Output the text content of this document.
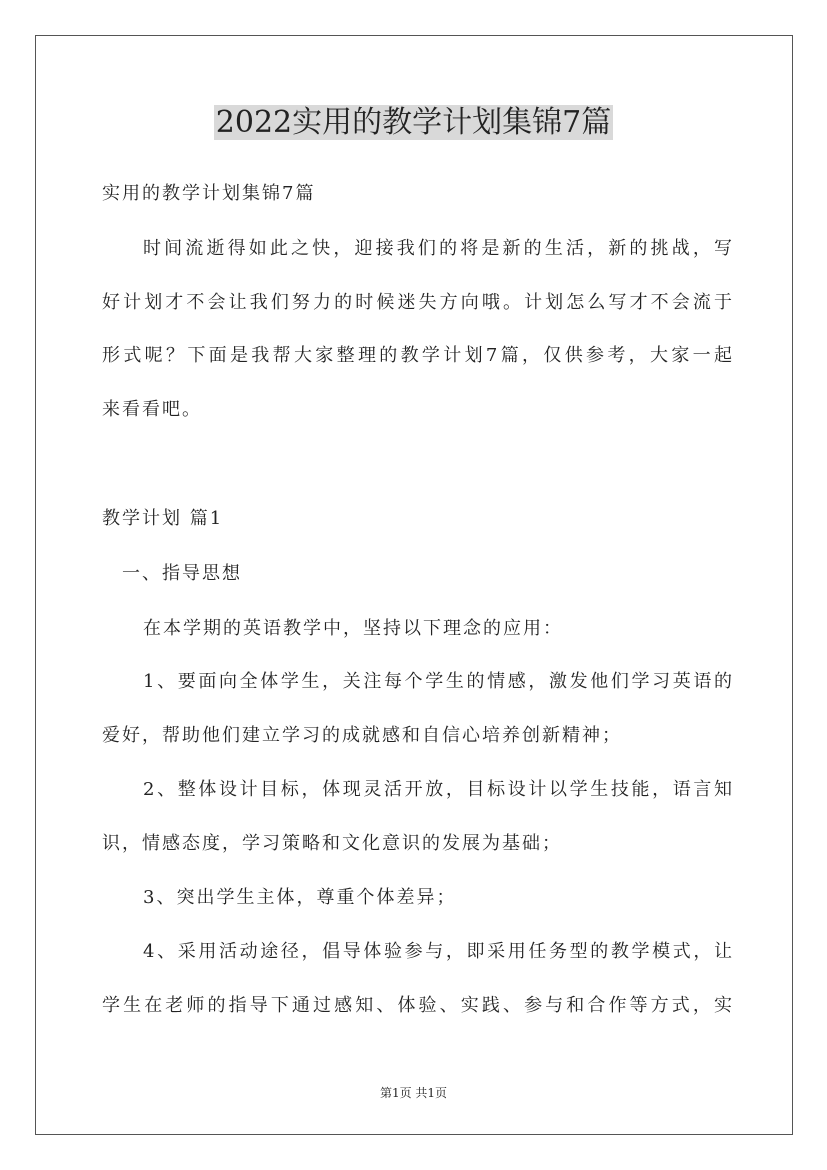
2022实用的教学计划集锦7篇
实用的教学计划集锦7篇
时间流逝得如此之快，迎接我们的将是新的生活，新的挑战，写
好计划才不会让我们努力的时候迷失方向哦。计划怎么写才不会流于
形式呢？下面是我帮大家整理的教学计划7篇，仅供参考，大家一起
来看看吧。
教学计划 篇1
一、指导思想
在本学期的英语教学中，坚持以下理念的应用：
1、要面向全体学生，关注每个学生的情感，激发他们学习英语的
爱好，帮助他们建立学习的成就感和自信心培养创新精神；
2、整体设计目标，体现灵活开放，目标设计以学生技能，语言知
识，情感态度，学习策略和文化意识的发展为基础；
3、突出学生主体，尊重个体差异；
4、采用活动途径，倡导体验参与，即采用任务型的教学模式，让
学生在老师的指导下通过感知、体验、实践、参与和合作等方式，实
第1页 共1页
